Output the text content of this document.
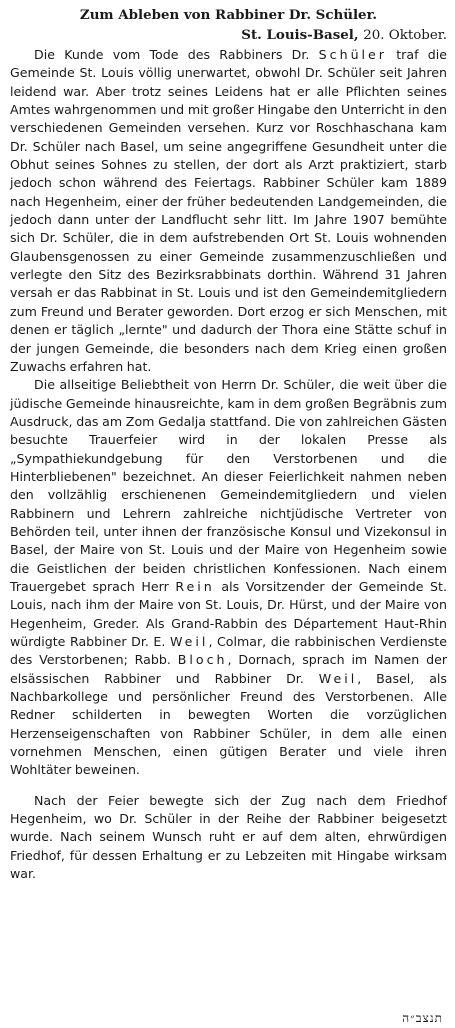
Zum Ableben von Rabbiner Dr. Schüler.
St. Louis-Basel, 20. Oktober.

Die Kunde vom Tode des Rabbiners Dr. Schüler traf die Gemeinde St. Louis völlig unerwartet, obwohl Dr. Schüler seit Jahren leidend war. Aber trotz seines Leidens hat er alle Pflichten seines Amtes wahrgenommen und mit großer Hingabe den Unterricht in den verschiedenen Gemeinden versehen. Kurz vor Roschhaschana kam Dr. Schüler nach Basel, um seine angegriffene Gesundheit unter die Obhut seines Sohnes zu stellen, der dort als Arzt praktiziert, starb jedoch schon während des Feiertags. Rabbiner Schüler kam 1889 nach Hegenheim, einer der früher bedeutenden Landgemeinden, die jedoch dann unter der Landflucht sehr litt. Im Jahre 1907 bemühte sich Dr. Schüler, die in dem aufstrebenden Ort St. Louis wohnenden Glaubensgenossen zu einer Gemeinde zusammenzuschließen und verlegte den Sitz des Bezirksrabbinats dorthin. Während 31 Jahren versah er das Rabbinat in St. Louis und ist den Gemeindemitgliedern zum Freund und Berater geworden. Dort erzog er sich Menschen, mit denen er täglich „lernte" und dadurch der Thora eine Stätte schuf in der jungen Gemeinde, die besonders nach dem Krieg einen großen Zuwachs erfahren hat.

Die allseitige Beliebtheit von Herrn Dr. Schüler, die weit über die jüdische Gemeinde hinausreichte, kam in dem großen Begräbnis zum Ausdruck, das am Zom Gedalja stattfand. Die von zahlreichen Gästen besuchte Trauerfeier wird in der lokalen Presse als „Sympathiekundgebung für den Verstorbenen und die Hinterbliebenen" bezeichnet. An dieser Feierlichkeit nahmen neben den vollzählig erschienenen Gemeindemitgliedern und vielen Rabbinern und Lehrern zahlreiche nichtjüdische Vertreter von Behörden teil, unter ihnen der französische Konsul und Vizekonsul in Basel, der Maire von St. Louis und der Maire von Hegenheim sowie die Geistlichen der beiden christlichen Konfessionen. Nach einem Trauergebet sprach Herr Rein als Vorsitzender der Gemeinde St. Louis, nach ihm der Maire von St. Louis, Dr. Hürst, und der Maire von Hegenheim, Greder. Als Grand-Rabbin des Département Haut-Rhin würdigte Rabbiner Dr. E. Weil, Colmar, die rabbinischen Verdienste des Verstorbenen; Rabb. Bloch, Dornach, sprach im Namen der elsässischen Rabbiner und Rabbiner Dr. Weil, Basel, als Nachbarkollege und persönlicher Freund des Verstorbenen. Alle Redner schilderten in bewegten Worten die vorzüglichen Herzenseigenschaften von Rabbiner Schüler, in dem alle einen vornehmen Menschen, einen gütigen Berater und viele ihren Wohltäter beweinen.

Nach der Feier bewegte sich der Zug nach dem Friedhof Hegenheim, wo Dr. Schüler in der Reihe der Rabbiner beigesetzt wurde. Nach seinem Wunsch ruht er auf dem alten, ehrwürdigen Friedhof, für dessen Erhaltung er zu Lebzeiten mit Hingabe wirksam war.

תנצב״ה
